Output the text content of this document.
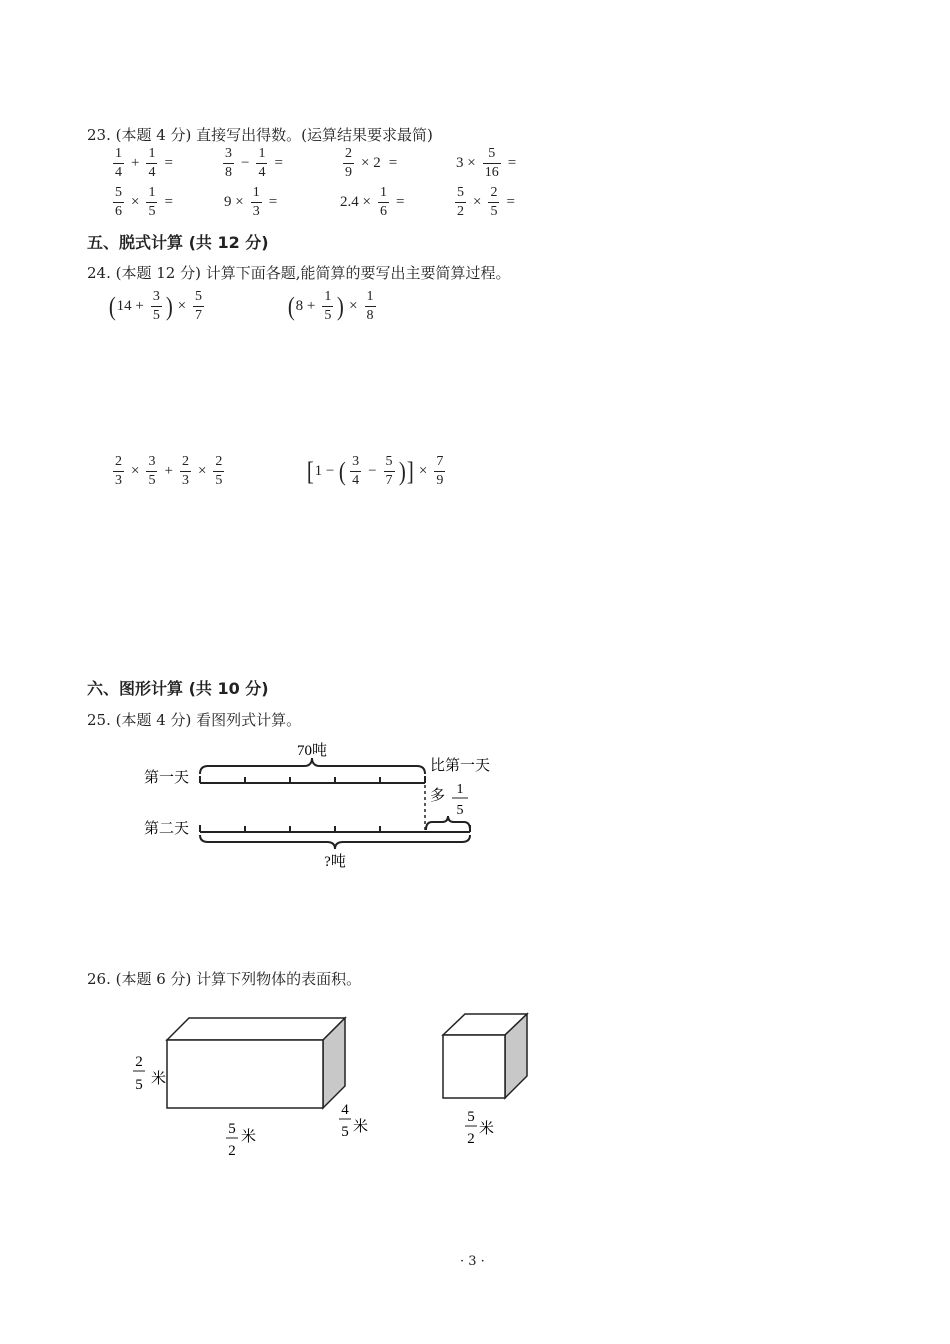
23. (本题 4 分) 直接写出得数。(运算结果要求最简)
$\frac{1}{4} + \frac{1}{4}$ =	$\frac{3}{8} - \frac{1}{4}$ =	$\frac{2}{9} \times 2$ =	$3 \times \frac{5}{16}$ =
$\frac{5}{6} \times \frac{1}{5}$ =	$9 \times \frac{1}{3}$ =	$2.4 \times \frac{1}{6}$ =	$\frac{5}{2} \times \frac{2}{5}$ =
五、脱式计算 (共 12 分)
24. (本题 12 分) 计算下面各题,能简算的要写出主要简算过程。
( $14 + \frac{3}{5}$ ) × $\frac{5}{7}$	( $8 + \frac{1}{5}$ ) × $\frac{1}{8}$
$\frac{2}{3} \times \frac{3}{5} + \frac{2}{3} \times \frac{2}{5}$	[ 1 − ( $\frac{3}{4} - \frac{5}{7}$ ) ] × $\frac{7}{9}$
六、图形计算 (共 10 分)
25. (本题 4 分) 看图列式计算。
第一天
第二天
70吨
比第一天
多 1
5
?吨
26. (本题 6 分) 计算下列物体的表面积。
2
5 米
5
2
米
4
5 米
5
2
米
· 3 ·
